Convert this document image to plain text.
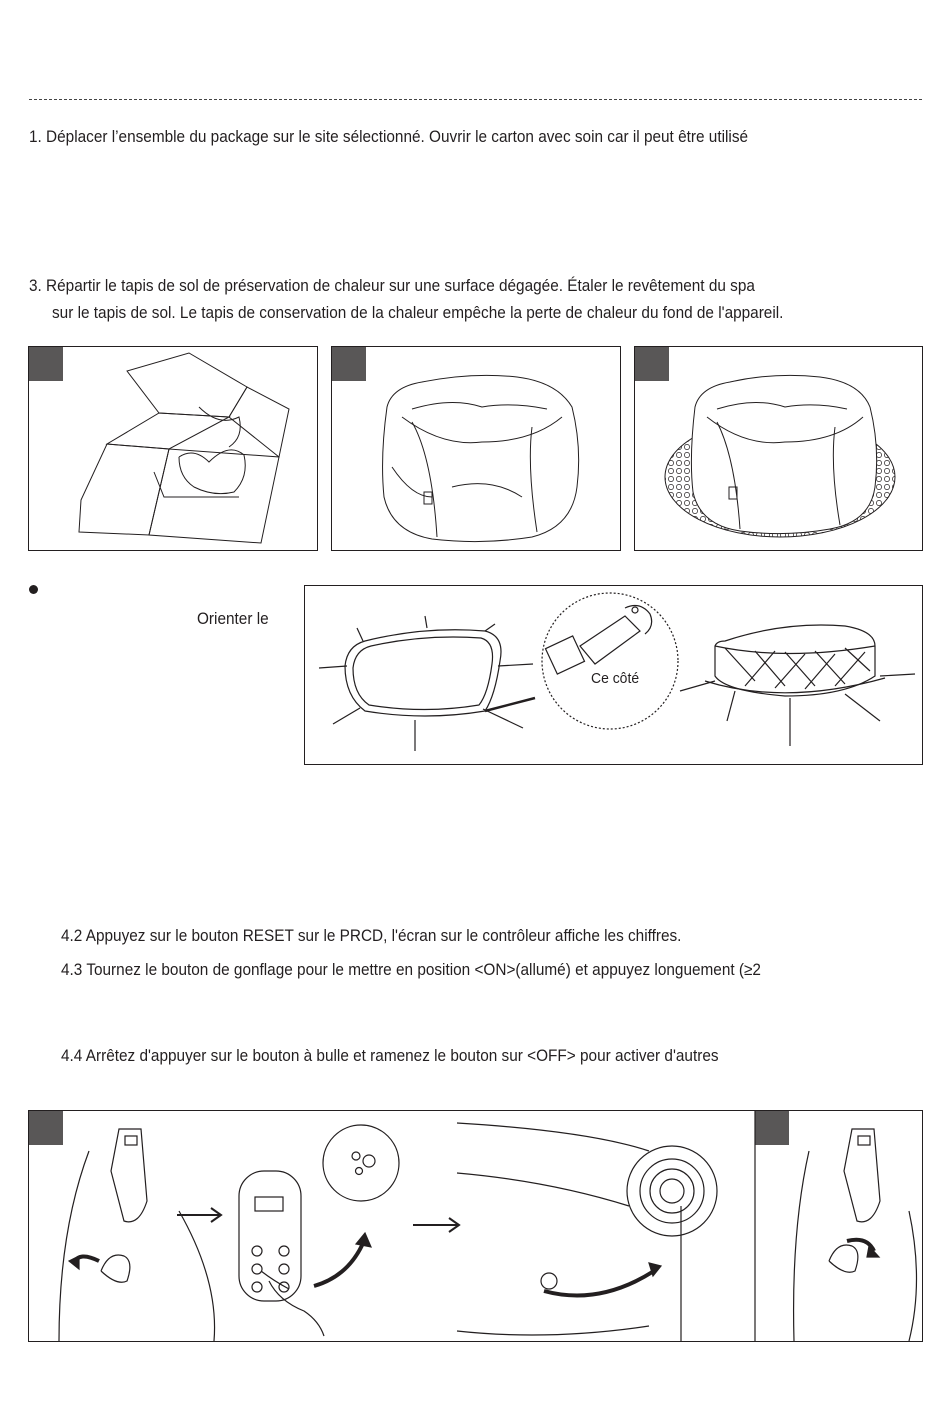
1. Déplacer l’ensemble du package sur le site sélectionné. Ouvrir le carton avec soin car il peut être utilisé
3. Répartir le tapis de sol de préservation de chaleur sur une surface dégagée. Étaler le revêtement du spa
sur le tapis de sol. Le tapis de conservation de la chaleur empêche la perte de chaleur du fond de l'appareil.
Orienter le
Ce côté
4.2 Appuyez sur le bouton RESET sur le PRCD, l'écran sur le contrôleur affiche les chiffres.
4.3 Tournez le bouton de gonflage pour le mettre en position <ON>(allumé) et appuyez longuement (≥2
4.4 Arrêtez d'appuyer sur le bouton à bulle et ramenez le bouton sur <OFF> pour activer d'autres
